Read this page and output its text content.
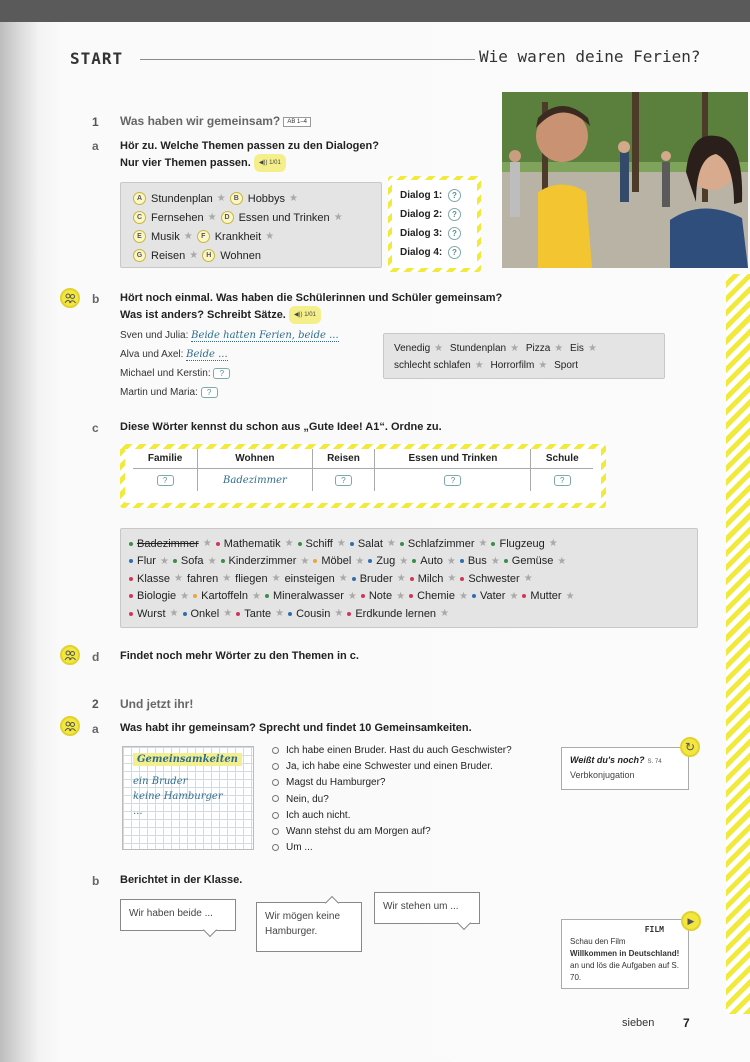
START	Wie waren deine Ferien?
1 Was haben wir gemeinsam? AB 1–4
a Hör zu. Welche Themen passen zu den Dialogen?
Nur vier Themen passen. ◀)) 1/01
A Stundenplan ★	B Hobbys ★
C Fernsehen ★	D Essen und Trinken ★
E Musik ★	F Krankheit ★
G Reisen ★	H Wohnen
Dialog 1: ?
Dialog 2: ?
Dialog 3: ?
Dialog 4: ?
b Hört noch einmal. Was haben die Schülerinnen und Schüler gemeinsam?
Was ist anders? Schreibt Sätze. ◀)) 1/01
Sven und Julia: Beide hatten Ferien, beide ...
Alva und Axel: Beide ...
Michael und Kerstin: ?
Martin und Maria: ?
Venedig ★ Stundenplan ★ Pizza ★ Eis ★
schlecht schlafen ★ Horrorfilm ★ Sport
c Diese Wörter kennst du schon aus „Gute Idee! A1“. Ordne zu.
Familie	Wohnen	Reisen	Essen und Trinken	Schule
?	Badezimmer	?	?	?
Badezimmer ★	Mathematik ★	Schiff ★	Salat ★	Schlafzimmer ★	Flugzeug ★
Flur ★	Sofa ★	Kinderzimmer ★	Möbel ★	Zug ★	Auto ★	Bus ★	Gemüse ★
Klasse ★ fahren ★ fliegen ★ einsteigen ★	Bruder ★	Milch ★	Schwester ★
Biologie ★	Kartoffeln ★	Mineralwasser ★	Note ★	Chemie ★	Vater ★	Mutter ★
Wurst ★	Onkel ★	Tante ★	Cousin ★	Erdkunde lernen ★
d Findet noch mehr Wörter zu den Themen in c.
2 Und jetzt ihr!
a Was habt ihr gemeinsam? Sprecht und findet 10 Gemeinsamkeiten.
Gemeinsamkeiten
ein Bruder
keine Hamburger
...
Ich habe einen Bruder. Hast du auch Geschwister?
Ja, ich habe eine Schwester und einen Bruder.
Magst du Hamburger?
Nein, du?
Ich auch nicht.
Wann stehst du am Morgen auf?
Um ...
Weißt du's noch? S. 74
Verbkonjugation
↻
b Berichtet in der Klasse.
Wir haben beide ...	Wir mögen keine Hamburger.
Wir stehen um ...
FILM
Schau den Film
Willkommen in Deutschland! an und lös die Aufgaben auf S. 70.
▶
sieben 7
